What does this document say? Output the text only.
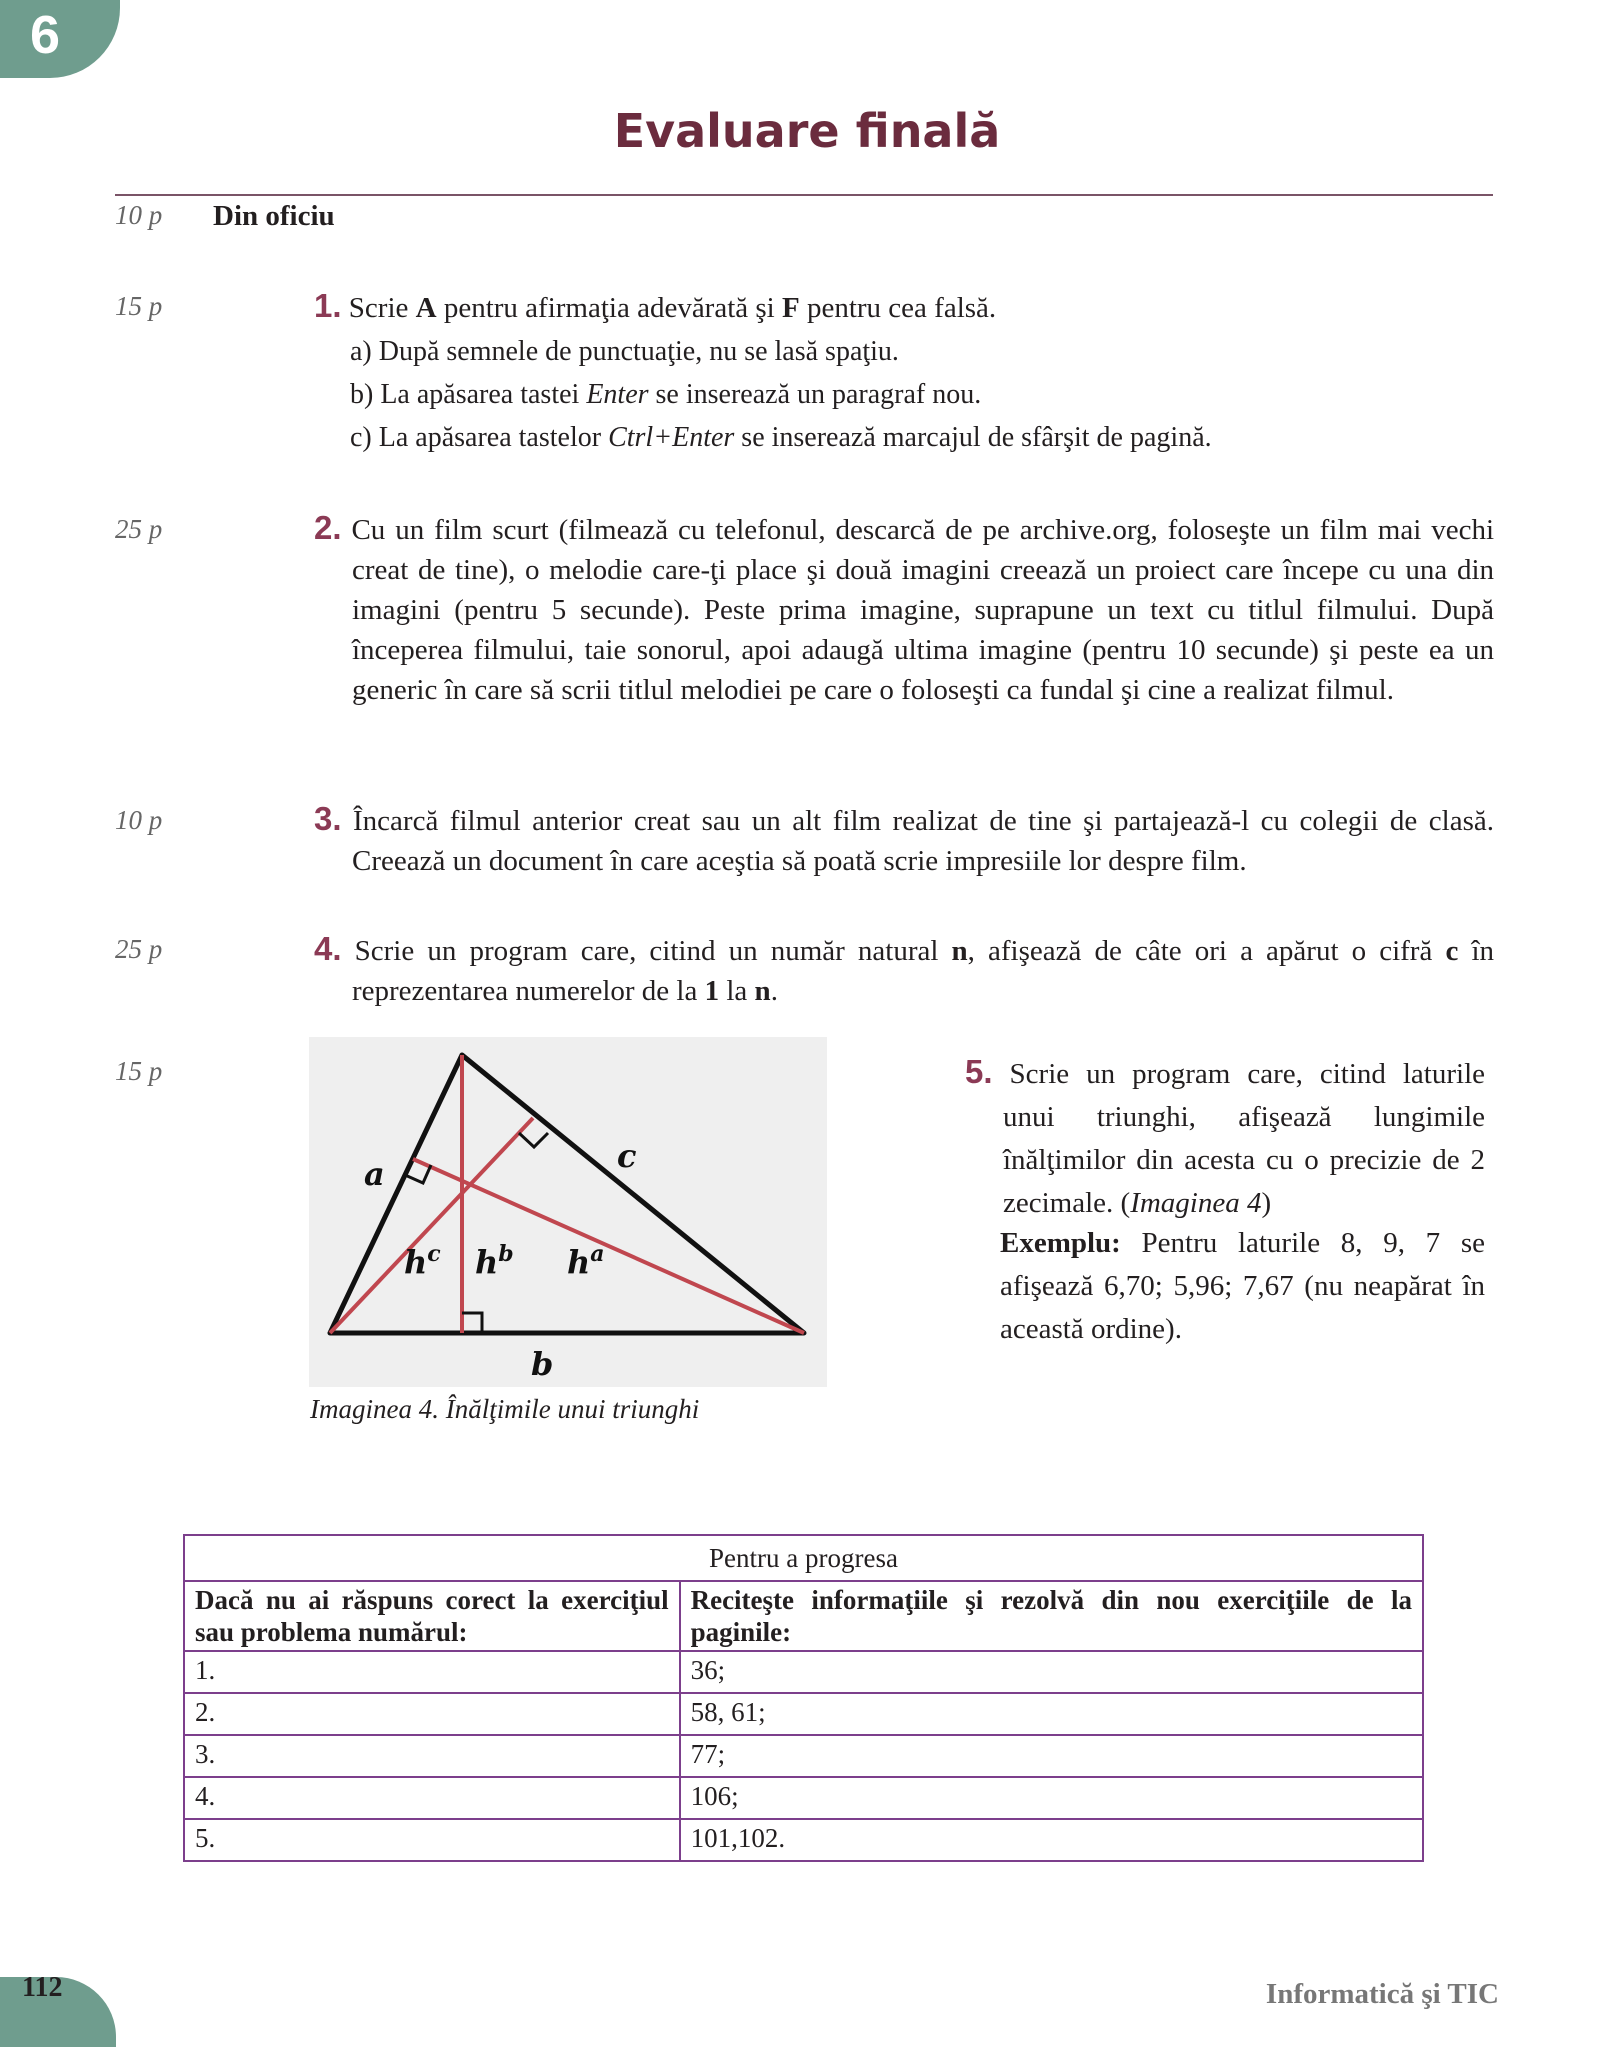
6
Evaluare finală
10 p Din oficiu
15 p	1. Scrie A pentru afirmaţia adevărată şi F pentru cea falsă.
a) După semnele de punctuaţie, nu se lasă spaţiu.
b) La apăsarea tastei Enter se inserează un paragraf nou.
c) La apăsarea tastelor Ctrl+Enter se inserează marcajul de sfârşit de pagină.
25 p	2. Cu un film scurt (filmează cu telefonul, descarcă de pe archive.org, foloseşte un film mai vechi creat de tine), o melodie care-ţi place şi două imagini creează un proiect care începe cu una din imagini (pentru 5 secunde). Peste prima imagine, suprapune un text cu titlul filmului. După începerea filmului, taie sonorul, apoi adaugă ultima imagine (pentru 10 secunde) şi peste ea un generic în care să scrii titlul melodiei pe care o foloseşti ca fundal şi cine a realizat filmul.
10 p	3. Încarcă filmul anterior creat sau un alt film realizat de tine şi partajează-l cu colegii de clasă. Creează un document în care aceştia să poată scrie impresiile lor despre film.
25 p	4. Scrie un program care, citind un număr natural n, afişează de câte ori a apărut o cifră c în reprezentarea numerelor de la 1 la n.
15 p
a	c
b
$h^c$ $h^b$ $h^a$
Imaginea 4. Înălţimile unui triunghi
5. Scrie un program care, citind laturile unui triunghi, afişează lungimile înălţimilor din acesta cu o precizie de 2 zecimale. (Imaginea 4)
Exemplu: Pentru laturile 8, 9, 7 se afişează 6,70; 5,96; 7,67 (nu neapărat în această ordine).
Pentru a progresa	
Dacă nu ai răspuns corect la exerciţiul sau problema numărul:	Reciteşte informaţiile şi rezolvă din nou exerciţiile de la paginile:
1.	36;
2.	58, 61;
3.	77;
4.	106;
5.	101,102.
112	Informatică şi TIC
